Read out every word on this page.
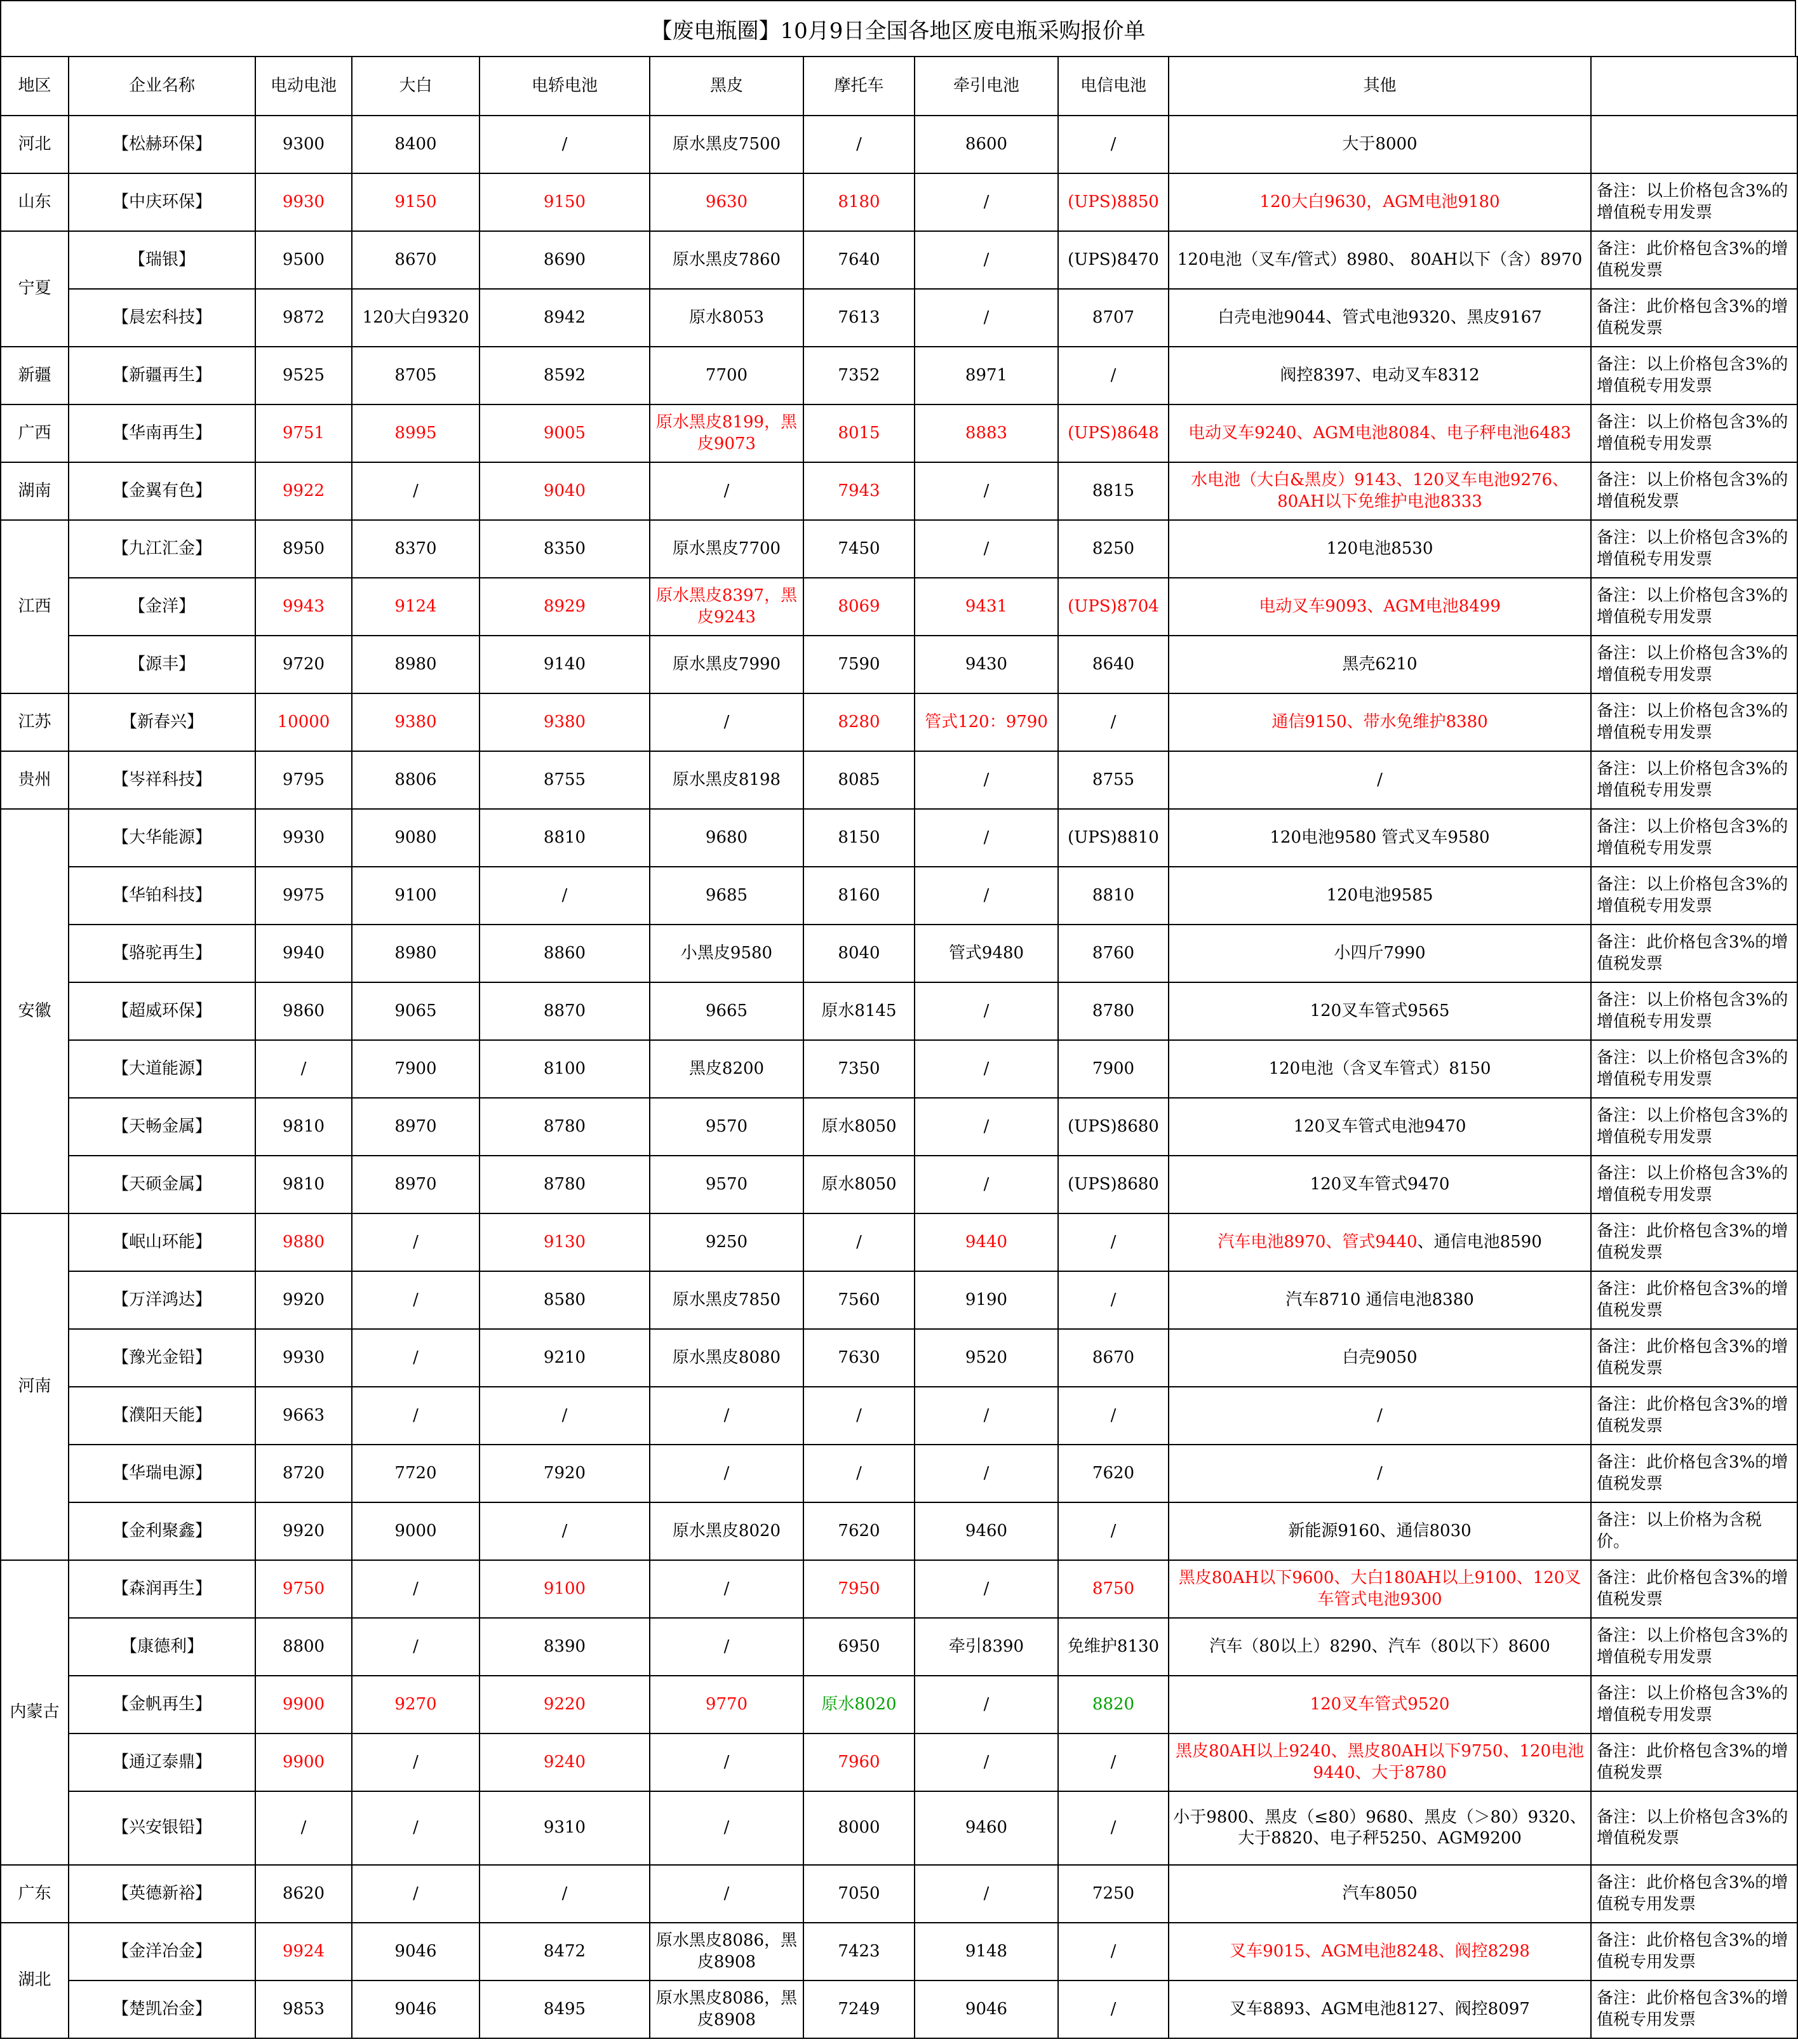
【废电瓶圈】10月9日全国各地区废电瓶采购报价单
地区	企业名称	电动电池	大白	电轿电池	黑皮	摩托车	牵引电池	电信电池	其他	
河北	【松赫环保】	9300	8400	/	原水黑皮7500	/	8600	/	大于8000	
山东	【中庆环保】	9930	9150	9150	9630	8180	/	(UPS)8850	120大白9630，AGM电池9180	备注：以上价格包含3%的增值税专用发票
宁夏	【瑞银】	9500	8670	8690	原水黑皮7860	7640	/	(UPS)8470	120电池（叉车/管式）8980、 80AH以下（含）8970	备注：此价格包含3%的增值税发票
	【晨宏科技】	9872	120大白9320	8942	原水8053	7613	/	8707	白壳电池9044、管式电池9320、黑皮9167	备注：此价格包含3%的增值税发票
新疆	【新疆再生】	9525	8705	8592	7700	7352	8971	/	阀控8397、电动叉车8312	备注：以上价格包含3%的增值税专用发票
广西	【华南再生】	9751	8995	9005	原水黑皮8199，黑皮9073	8015	8883	(UPS)8648	电动叉车9240、AGM电池8084、电子秤电池6483	备注：以上价格包含3%的增值税专用发票
湖南	【金翼有色】	9922	/	9040	/	7943	/	8815	水电池（大白&黑皮）9143、120叉车电池9276、80AH以下免维护电池8333	备注：以上价格包含3%的增值税发票
江西	【九江汇金】	8950	8370	8350	原水黑皮7700	7450	/	8250	120电池8530	备注：以上价格包含3%的增值税专用发票
	【金洋】	9943	9124	8929	原水黑皮8397，黑皮9243	8069	9431	(UPS)8704	电动叉车9093、AGM电池8499	备注：以上价格包含3%的增值税专用发票
	【源丰】	9720	8980	9140	原水黑皮7990	7590	9430	8640	黑壳6210	备注：以上价格包含3%的增值税专用发票
江苏	【新春兴】	10000	9380	9380	/	8280	管式120：9790	/	通信9150、带水免维护8380	备注：以上价格包含3%的增值税专用发票
贵州	【岑祥科技】	9795	8806	8755	原水黑皮8198	8085	/	8755	/	备注：以上价格包含3%的增值税专用发票
安徽	【大华能源】	9930	9080	8810	9680	8150	/	(UPS)8810	120电池9580 管式叉车9580	备注：以上价格包含3%的增值税专用发票
	【华铂科技】	9975	9100	/	9685	8160	/	8810	120电池9585	备注：以上价格包含3%的增值税专用发票
	【骆驼再生】	9940	8980	8860	小黑皮9580	8040	管式9480	8760	小四斤7990	备注：此价格包含3%的增值税发票
	【超威环保】	9860	9065	8870	9665	原水8145	/	8780	120叉车管式9565	备注：以上价格包含3%的增值税专用发票
	【大道能源】	/	7900	8100	黑皮8200	7350	/	7900	120电池（含叉车管式）8150	备注：以上价格包含3%的增值税专用发票
	【天畅金属】	9810	8970	8780	9570	原水8050	/	(UPS)8680	120叉车管式电池9470	备注：以上价格包含3%的增值税专用发票
	【天硕金属】	9810	8970	8780	9570	原水8050	/	(UPS)8680	120叉车管式9470	备注：以上价格包含3%的增值税专用发票
河南	【岷山环能】	9880	/	9130	9250	/	9440	/	汽车电池8970、管式9440、通信电池8590	备注：此价格包含3%的增值税发票
	【万洋鸿达】	9920	/	8580	原水黑皮7850	7560	9190	/	汽车8710 通信电池8380	备注：此价格包含3%的增值税发票
	【豫光金铅】	9930	/	9210	原水黑皮8080	7630	9520	8670	白壳9050	备注：此价格包含3%的增值税发票
	【濮阳天能】	9663	/	/	/	/	/	/	/	备注：此价格包含3%的增值税发票
	【华瑞电源】	8720	7720	7920	/	/	/	7620	/	备注：此价格包含3%的增值税发票
	【金利聚鑫】	9920	9000	/	原水黑皮8020	7620	9460	/	新能源9160、通信8030	备注：以上价格为含税价。
内蒙古	【森润再生】	9750	/	9100	/	7950	/	8750	黑皮80AH以下9600、大白180AH以上9100、120叉车管式电池9300	备注：此价格包含3%的增值税发票
	【康德利】	8800	/	8390	/	6950	牵引8390	免维护8130	汽车（80以上）8290、汽车（80以下）8600	备注：以上价格包含3%的增值税专用发票
	【金帆再生】	9900	9270	9220	9770	原水8020	/	8820	120叉车管式9520	备注：以上价格包含3%的增值税专用发票
	【通辽泰鼎】	9900	/	9240	/	7960	/	/	黑皮80AH以上9240、黑皮80AH以下9750、120电池9440、大于8780	备注：此价格包含3%的增值税发票
	【兴安银铅】	/	/	9310	/	8000	9460	/	小于9800、黑皮（≤80）9680、黑皮（＞80）9320、大于8820、电子秤5250、AGM9200	备注：以上价格包含3%的增值税发票
广东	【英德新裕】	8620	/	/	/	7050	/	7250	汽车8050	备注：此价格包含3%的增值税专用发票
湖北	【金洋冶金】	9924	9046	8472	原水黑皮8086，黑皮8908	7423	9148	/	叉车9015、AGM电池8248、阀控8298	备注：此价格包含3%的增值税专用发票
	【楚凯冶金】	9853	9046	8495	原水黑皮8086，黑皮8908	7249	9046	/	叉车8893、AGM电池8127、阀控8097	备注：此价格包含3%的增值税专用发票
